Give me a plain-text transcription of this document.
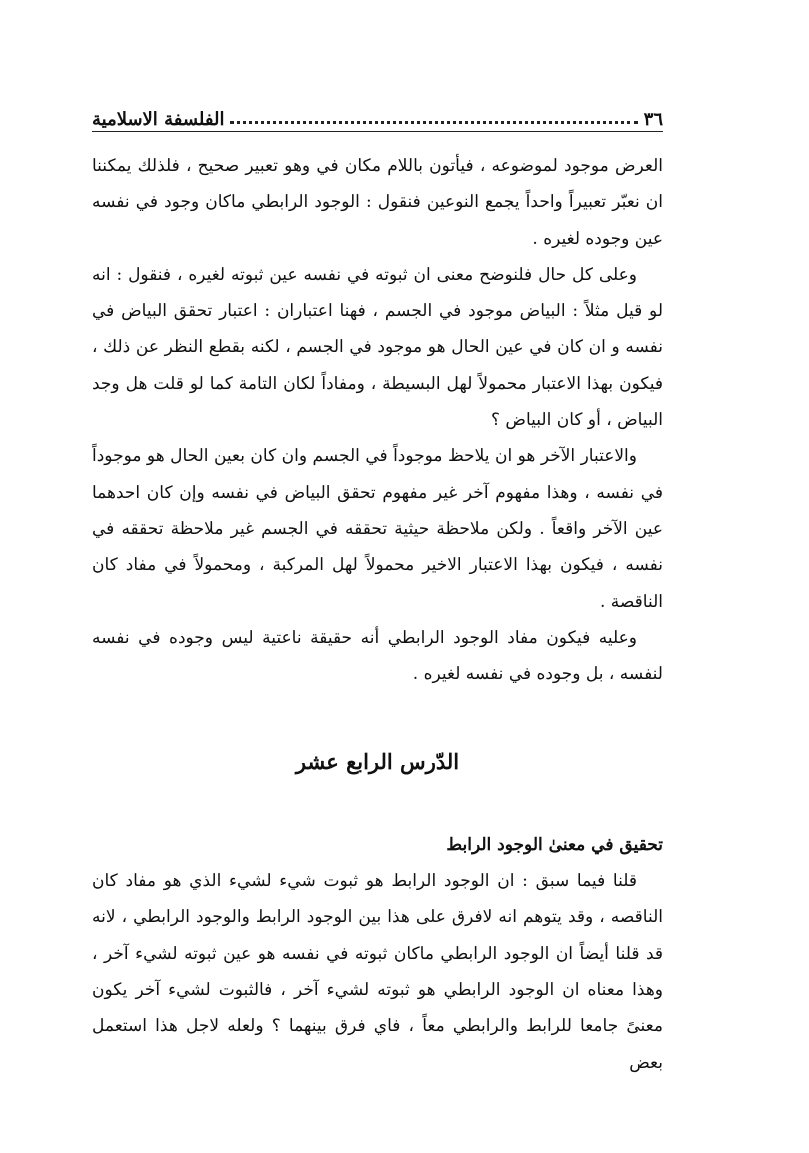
٣٦
الفلسفة الاسلامية

العرض موجود لموضوعه ، فيأتون باللام مكان في وهو تعبير صحيح ، فلذلك يمكننا ان نعبّر تعبيراً واحداً يجمع النوعين فنقول : الوجود الرابطي ماكان وجود في نفسه عين وجوده لغيره .

وعلى كل حال فلنوضح معنى ان ثبوته في نفسه عين ثبوته لغيره ، فنقول : انه لو قيل مثلاً : البياض موجود في الجسم ، فهنا اعتباران : اعتبار تحقق البياض في نفسه و ان كان في عين الحال هو موجود في الجسم ، لكنه بقطع النظر عن ذلك ، فيكون بهذا الاعتبار محمولاً لهل البسيطة ، ومفاداً لكان التامة كما لو قلت هل وجد البياض ، أو كان البياض ؟

والاعتبار الآخر هو ان يلاحظ موجوداً في الجسم وان كان بعين الحال هو موجوداً في نفسه ، وهذا مفهوم آخر غير مفهوم تحقق البياض في نفسه وإن كان احدهما عين الآخر واقعاً . ولكن ملاحظة حيثية تحققه في الجسم غير ملاحظة تحققه في نفسه ، فيكون بهذا الاعتبار الاخير محمولاً لهل المركبة ، ومحمولاً في مفاد كان الناقصة .

وعليه فيكون مفاد الوجود الرابطي أنه حقيقة ناعتية ليس وجوده في نفسه لنفسه ، بل وجوده في نفسه لغيره .

الدّرس الرابع عشر
تحقيق في معنىٰ الوجود الرابط

قلنا فيما سبق : ان الوجود الرابط هو ثبوت شيء لشيء الذي هو مفاد كان الناقصه ، وقد يتوهم انه لافرق على هذا بين الوجود الرابط والوجود الرابطي ، لانه قد قلنا أيضاً ان الوجود الرابطي ماكان ثبوته في نفسه هو عين ثبوته لشيء آخر ، وهذا معناه ان الوجود الرابطي هو ثبوته لشيء آخر ، فالثبوت لشيء آخر يكون معنىً جامعا للرابط والرابطي معاً ، فاي فرق بينهما ؟ ولعله لاجل هذا استعمل بعض
